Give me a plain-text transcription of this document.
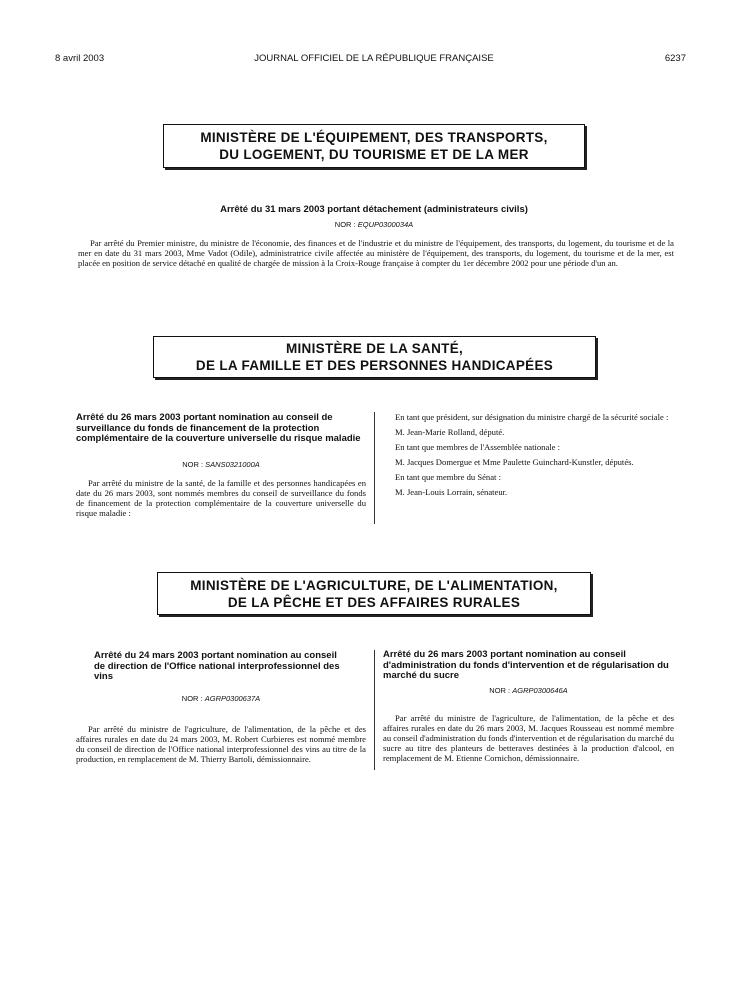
8 avril 2003	JOURNAL OFFICIEL DE LA RÉPUBLIQUE FRANÇAISE	6237
MINISTÈRE DE L'ÉQUIPEMENT, DES TRANSPORTS,
DU LOGEMENT, DU TOURISME ET DE LA MER
Arrêté du 31 mars 2003 portant détachement (administrateurs civils)
NOR : EQUP0300034A

Par arrêté du Premier ministre, du ministre de l'économie, des finances et de l'industrie et du ministre de l'équipement, des transports, du logement, du tourisme et de la mer en date du 31 mars 2003, Mme Vadot (Odile), administratrice civile affectée au ministère de l'équipement, des transports, du logement, du tourisme et de la mer, est placée en position de service détaché en qualité de chargée de mission à la Croix-Rouge française à compter du 1er décembre 2002 pour une période d'un an.

MINISTÈRE DE LA SANTÉ,
DE LA FAMILLE ET DES PERSONNES HANDICAPÉES
Arrêté du 26 mars 2003 portant nomination au conseil de surveillance du fonds de financement de la protection complémentaire de la couverture universelle du risque maladie
NOR : SANS0321000A

Par arrêté du ministre de la santé, de la famille et des personnes handicapées en date du 26 mars 2003, sont nommés membres du conseil de surveillance du fonds de financement de la protection complémentaire de la couverture universelle du risque maladie :

En tant que président, sur désignation du ministre chargé de la sécurité sociale :

M. Jean-Marie Rolland, député.

En tant que membres de l'Assemblée nationale :

M. Jacques Domergue et Mme Paulette Guinchard-Kunstler, députés.

En tant que membre du Sénat :

M. Jean-Louis Lorrain, sénateur.

MINISTÈRE DE L'AGRICULTURE, DE L'ALIMENTATION,
DE LA PÊCHE ET DES AFFAIRES RURALES
Arrêté du 24 mars 2003 portant nomination au conseil de direction de l'Office national interprofessionnel des vins
NOR : AGRP0300637A

Par arrêté du ministre de l'agriculture, de l'alimentation, de la pêche et des affaires rurales en date du 24 mars 2003, M. Robert Curbieres est nommé membre du conseil de direction de l'Office national interprofessionnel des vins au titre de la production, en remplacement de M. Thierry Bartoli, démissionnaire.

Arrêté du 26 mars 2003 portant nomination au conseil d'administration du fonds d'intervention et de régularisation du marché du sucre
NOR : AGRP0300646A

Par arrêté du ministre de l'agriculture, de l'alimentation, de la pêche et des affaires rurales en date du 26 mars 2003, M. Jacques Rousseau est nommé membre au conseil d'administration du fonds d'intervention et de régularisation du marché du sucre au titre des planteurs de betteraves destinées à la production d'alcool, en remplacement de M. Etienne Cornichon, démissionnaire.
